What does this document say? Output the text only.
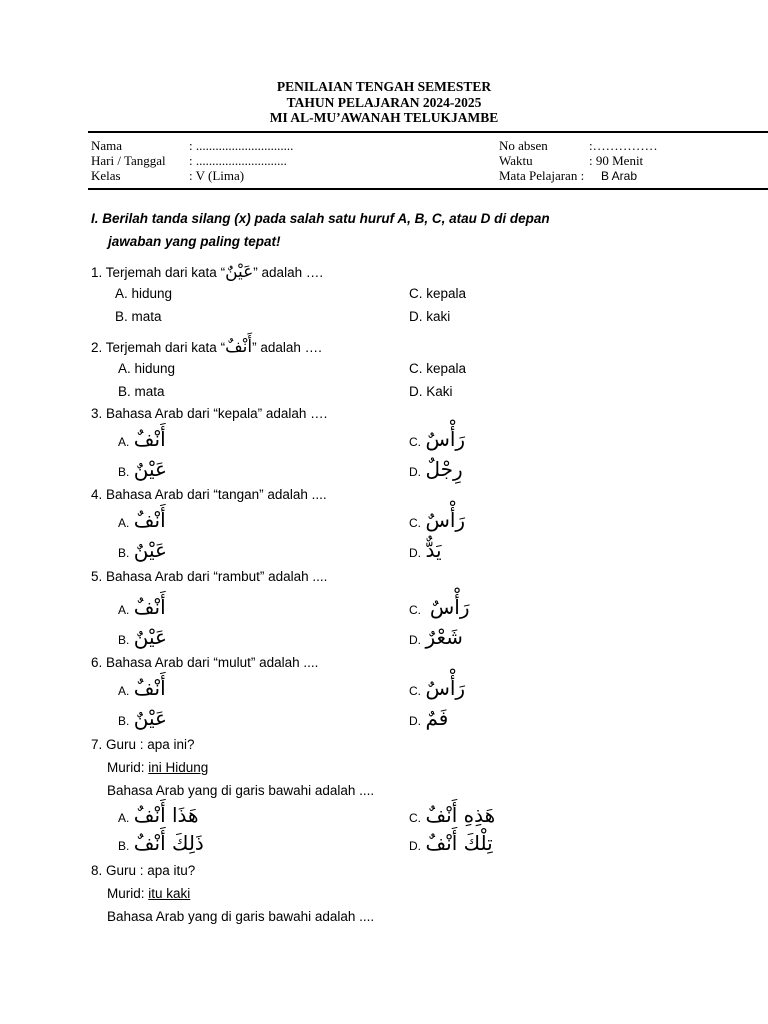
PENILAIAN TENGAH SEMESTER
TAHUN PELAJARAN 2024-2025
MI AL-MU’AWANAH TELUKJAMBE
Nama	: ..............................
Hari / Tanggal : ............................
Kelas	: V (Lima)
No absen	:……………
Waktu	: 90 Menit
Mata Pelajaran : B Arab
I. Berilah tanda silang (x) pada salah satu huruf A, B, C, atau D di depan
jawaban yang paling tepat!
1. Terjemah dari kata “عَيْنٌ” adalah ….
A. hidung	C. kepala
B. mata	D. kaki
2. Terjemah dari kata “أَنْفٌ” adalah ….
A. hidung	C. kepala
B. mata	D. Kaki
3. Bahasa Arab dari “kepala” adalah ….
A. أَنْفٌ	C. رَأْسٌ
B. عَيْنٌ	D. رِجْلٌ
4. Bahasa Arab dari “tangan” adalah ....
A. أَنْفٌ	C. رَأْسٌ
B. عَيْنٌ	D. يَدٌّ
5. Bahasa Arab dari “rambut” adalah ....
A. أَنْفٌ	C. رَأْسٌ
B. عَيْنٌ	D. شَعْرٌ
6. Bahasa Arab dari “mulut” adalah ....
A. أَنْفٌ	C. رَأْسٌ
B. عَيْنٌ	D. فَمٌ
7. Guru : apa ini?
Murid: ini Hidung
Bahasa Arab yang di garis bawahi adalah ....
A. هَذَا أَنْفٌ	C. هَذِهِ أَنْفٌ
B. ذَلِكَ أَنْفٌ	D. تِلْكَ أَنْفٌ
8. Guru : apa itu?
Murid: itu kaki
Bahasa Arab yang di garis bawahi adalah ....
